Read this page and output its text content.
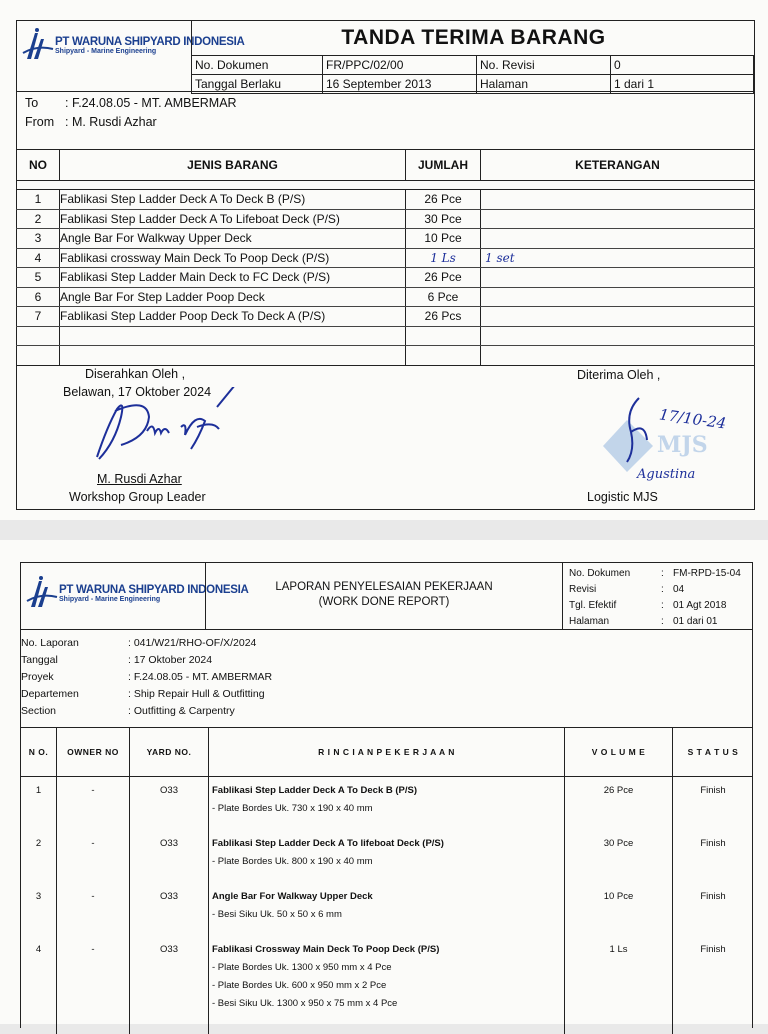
PT WARUNA SHIPYARD INDONESIA
Shipyard - Marine Engineering
TANDA TERIMA BARANG
No. Dokumen	FR/PPC/02/00	No. Revisi	0
Tanggal Berlaku	16 September 2013	Halaman	1 dari 1
To : F.24.08.05 - MT. AMBERMAR
From : M. Rusdi Azhar
NO	JENIS BARANG	JUMLAH	KETERANGAN

1	Fablikasi Step Ladder Deck A To Deck B (P/S)	26 Pce	
2	Fablikasi Step Ladder Deck A To Lifeboat Deck (P/S)	30 Pce	
3	Angle Bar For Walkway Upper Deck	10 Pce	
4	Fablikasi crossway Main Deck To Poop Deck (P/S)	1 Ls	1 set
5	Fablikasi Step Ladder Main Deck to FC Deck (P/S)	26 Pce	
6	Angle Bar For Step Ladder Poop Deck	6 Pce	
7	Fablikasi Step Ladder Poop Deck To Deck A (P/S)	26 Pcs	

Diserahkan Oleh ,
Belawan, 17 Oktober 2024
M. Rusdi Azhar
Workshop Group Leader
Diterima Oleh ,
MJS
17/10-24
Agustina
Logistic MJS
PT WARUNA SHIPYARD INDONESIA
Shipyard - Marine Engineering
LAPORAN PENYELESAIAN PEKERJAAN
(WORK DONE REPORT)
No. Dokumen	:	FM-RPD-15-04
Revisi	:	04
Tgl. Efektif	:	01 Agt 2018
Halaman	:	01 dari 01
No. Laporan	: 041/W21/RHO-OF/X/2024
Tanggal	: 17 Oktober 2024
Proyek	: F.24.08.05 - MT. AMBERMAR
Departemen	: Ship Repair Hull & Outfitting
Section	: Outfitting & Carpentry
N O.	OWNER NO	YARD NO.	R I N C I A N P E K E R J A A N	V O L U M E	S T A T U S
1	-	O33	Fablikasi Step Ladder Deck A To Deck B (P/S)
- Plate Bordes Uk. 730 x 190 x 40 mm	26 Pce	Finish
2	-	O33	Fablikasi Step Ladder Deck A To lifeboat Deck (P/S)
- Plate Bordes Uk. 800 x 190 x 40 mm	30 Pce	Finish
3	-	O33	Angle Bar For Walkway Upper Deck
- Besi Siku Uk. 50 x 50 x 6 mm	10 Pce	Finish
4	-	O33	Fablikasi Crossway Main Deck To Poop Deck (P/S)
- Plate Bordes Uk. 1300 x 950 mm x 4 Pce
- Plate Bordes Uk. 600 x 950 mm x 2 Pce
- Besi Siku Uk. 1300 x 950 x 75 mm x 4 Pce	1 Ls	Finish
